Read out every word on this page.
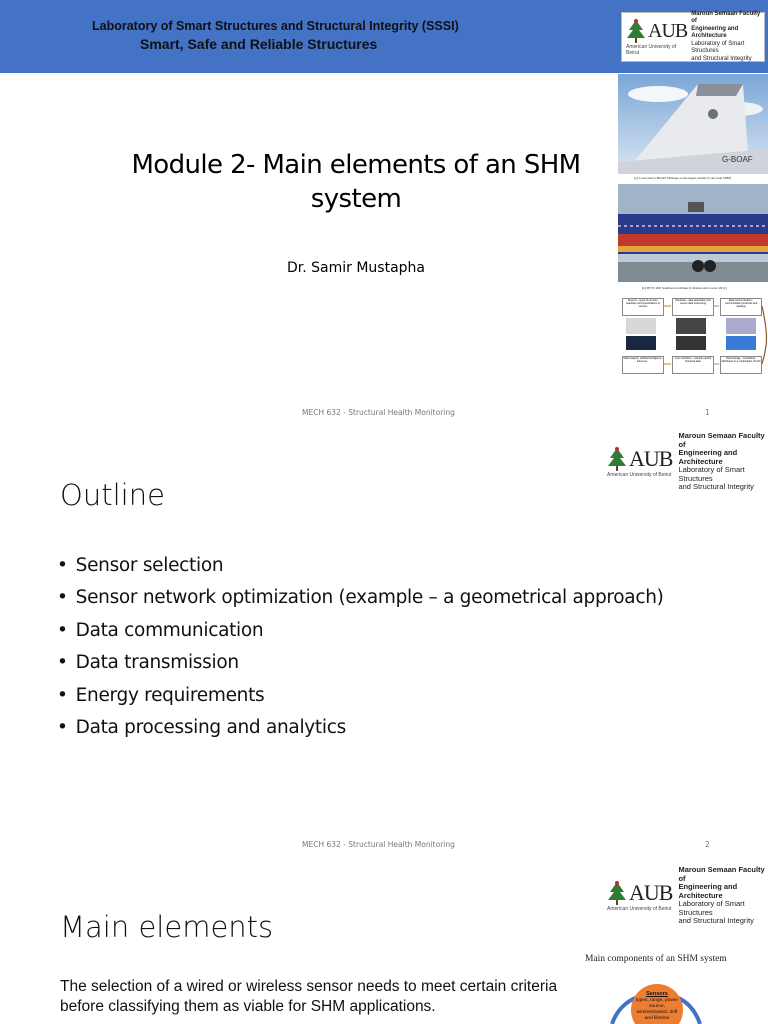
Laboratory of Smart Structures and Structural Integrity (SSSI)
Smart, Safe and Reliable Structures
AUB
American University of Beirut
Maroun Semaan Faculty of
Engineering and Architecture
Laboratory of Smart Structures
and Structural Integrity
Module 2- Main elements of an SHM system
Dr. Samir Mustapha
G-BOAF
(a) Concorde G-BOAF Damage to the upper rudder (Concorde 1989)
(b) B737-200 Southwest Airlines (Christie and Loewe 2011)
Sensors - types of sensors, quantities and specifications of sensors
Hardware - data acquisition and sensor data processing
Data communication - communication protocols and topology
Data analysis, artificial intelligence, inference...
User Interfaces - real-time and/or historical data
Data storage - centralized, distributed or a combination of both
MECH 632 - Structural Health Monitoring	1
AUB
American University of Beirut
Maroun Semaan Faculty of
Engineering and Architecture
Laboratory of Smart Structures
and Structural Integrity
Outline
• Sensor selection
• Sensor network optimization (example – a geometrical approach)
• Data communication
• Data transmission
• Energy requirements
• Data processing and analytics
MECH 632 - Structural Health Monitoring	2
AUB
American University of Beirut
Maroun Semaan Faculty of
Engineering and Architecture
Laboratory of Smart Structures
and Structural Integrity
Main elements
Main components of an SHM system
The selection of a wired or wireless sensor needs to meet certain criteria before classifying them as viable for SHM applications.
Sensors
types, range, power source, wireless/wired, drift and lifetime
